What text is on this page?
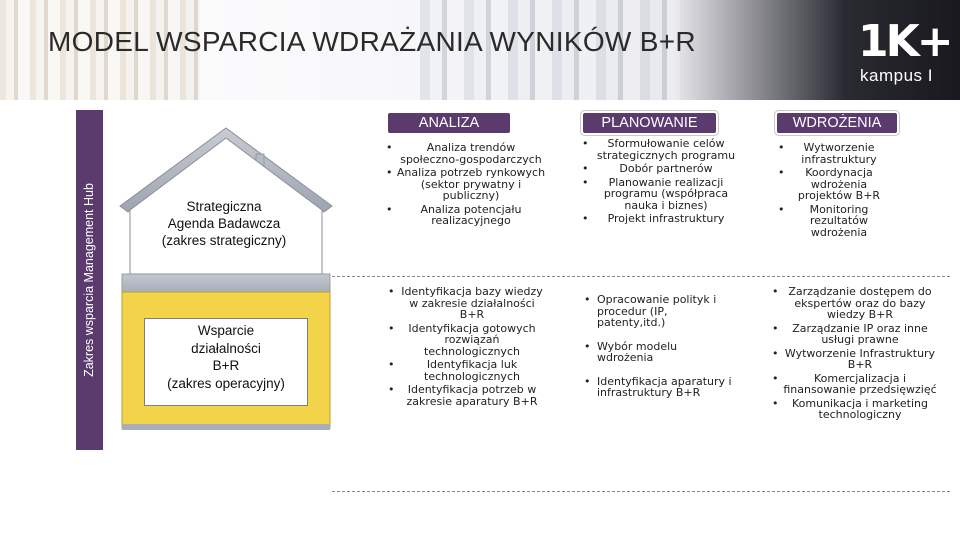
MODEL WSPARCIA WDRAŻANIA WYNIKÓW B+R	1K+
kampus I
Zakres wsparcia Management Hub	Strategiczna
Agenda Badawcza
(zakres strategiczny)
Wsparcie
działalności
B+R
(zakres operacyjny)
ANALIZA	PLANOWANIE	WDROŻENIA
• Analiza trendów społeczno-gospodarczych
• Analiza potrzeb rynkowych (sektor prywatny i publiczny)
• Analiza potencjału realizacyjnego
• Sformułowanie celów strategicznych programu
• Dobór partnerów
• Planowanie realizacji programu (współpraca nauka i biznes)
• Projekt infrastruktury
• Wytworzenie infrastruktury
• Koordynacja wdrożenia projektów B+R
• Monitoring rezultatów wdrożenia
• Identyfikacja bazy wiedzy w zakresie działalności B+R
• Identyfikacja gotowych rozwiązań technologicznych
• Identyfikacja luk technologicznych
• Identyfikacja potrzeb w zakresie aparatury B+R
• Opracowanie polityk i procedur (IP, patenty,itd.)
• Wybór modelu wdrożenia
• Identyfikacja aparatury i infrastruktury B+R
• Zarządzanie dostępem do ekspertów oraz do bazy wiedzy B+R
• Zarządzanie IP oraz inne usługi prawne
• Wytworzenie Infrastruktury B+R
• Komercjalizacja i finansowanie przedsięwzięć
• Komunikacja i marketing technologiczny
